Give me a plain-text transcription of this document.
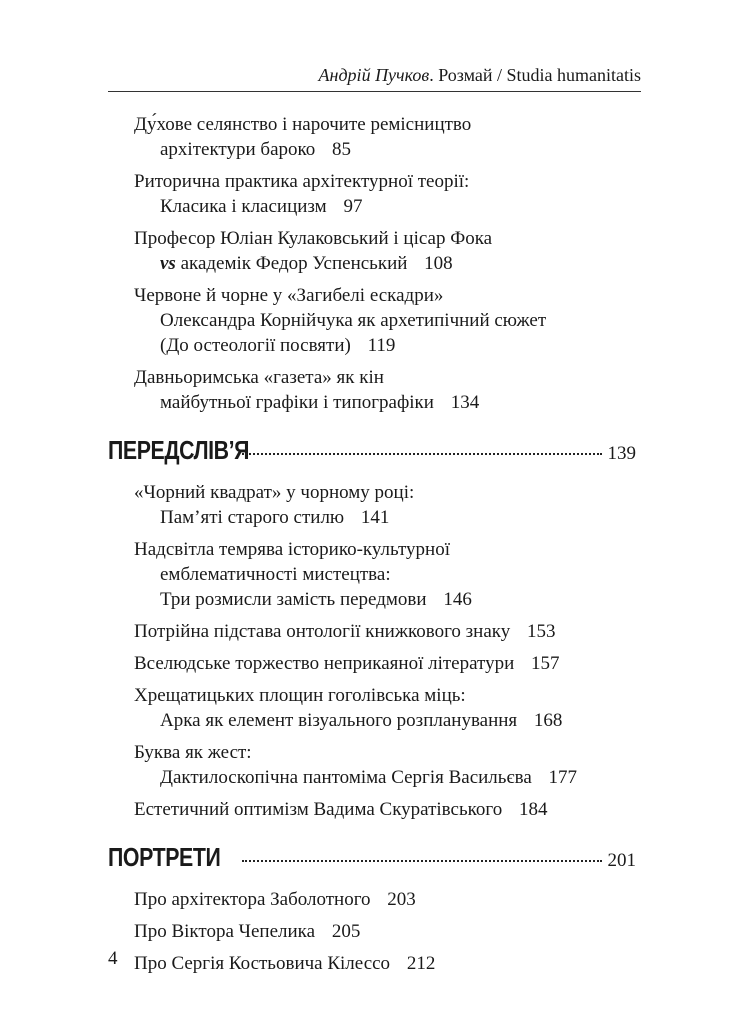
Андрій Пучков. Розмай / Studia humanitatis
Ду́хове селянство і нарочите ремісництво
архітектури бароко 85
Риторична практика архітектурної теорії:
Класика і класицизм 97
Професор Юліан Кулаковський і цісар Фока
vs академік Федор Успенський 108
Червоне й чорне у «Загибелі ескадри»
Олександра Корнійчука як архетипічний сюжет
(До остеології посвяти) 119
Давньоримська «газета» як кін
майбутньої графіки і типографіки 134
ПЕРЕДСЛІВ’Я	139
«Чорний квадрат» у чорному році:
Пам’яті старого стилю 141
Надсвітла темрява історико-культурної
емблематичності мистецтва:
Три розмисли замість передмови 146
Потрійна підстава онтології книжкового знаку 153
Вселюдське торжество неприкаяної літератури 157
Хрещатицьких площин гоголівська міць:
Арка як елемент візуального розпланування 168
Буква як жест:
Дактилоскопічна пантоміма Сергія Васильєва 177
Естетичний оптимізм Вадима Скуратівського 184
ПОРТРЕТИ	201
Про архітектора Заболотного 203
Про Віктора Чепелика 205
Про Сергія Костьовича Кілессо 212
4
